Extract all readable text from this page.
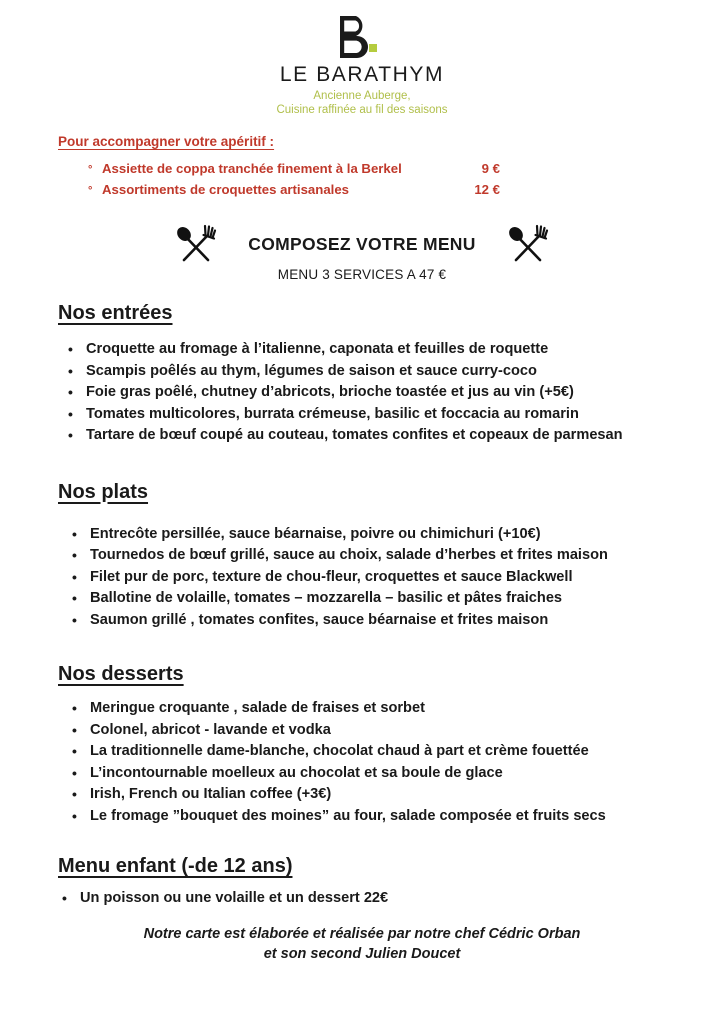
LE BARATHYM
Ancienne Auberge,
Cuisine raffinée au fil des saisons
Pour accompagner votre apéritif :
° Assiette de coppa tranchée finement à la Berkel	9 €
° Assortiments de croquettes artisanales	12 €
COMPOSEZ VOTRE MENU
MENU 3 SERVICES A 47 €
Nos entrées
• Croquette au fromage à l’italienne, caponata et feuilles de roquette
• Scampis poêlés au thym, légumes de saison et sauce curry-coco
• Foie gras poêlé, chutney d’abricots, brioche toastée et jus au vin (+5€)
• Tomates multicolores, burrata crémeuse, basilic et foccacia au romarin
• Tartare de bœuf coupé au couteau, tomates confites et copeaux de parmesan
Nos plats
• Entrecôte persillée, sauce béarnaise, poivre ou chimichuri (+10€)
• Tournedos de bœuf grillé, sauce au choix, salade d’herbes et frites maison
• Filet pur de porc, texture de chou-fleur, croquettes et sauce Blackwell
• Ballotine de volaille, tomates – mozzarella – basilic et pâtes fraiches
• Saumon grillé , tomates confites, sauce béarnaise et frites maison
Nos desserts
• Meringue croquante , salade de fraises et sorbet
• Colonel, abricot - lavande et vodka
• La traditionnelle dame-blanche, chocolat chaud à part et crème fouettée
• L’incontournable moelleux au chocolat et sa boule de glace
• Irish, French ou Italian coffee (+3€)
• Le fromage ”bouquet des moines” au four, salade composée et fruits secs
Menu enfant (-de 12 ans)
• Un poisson ou une volaille et un dessert 22€
Notre carte est élaborée et réalisée par notre chef Cédric Orban
et son second Julien Doucet
